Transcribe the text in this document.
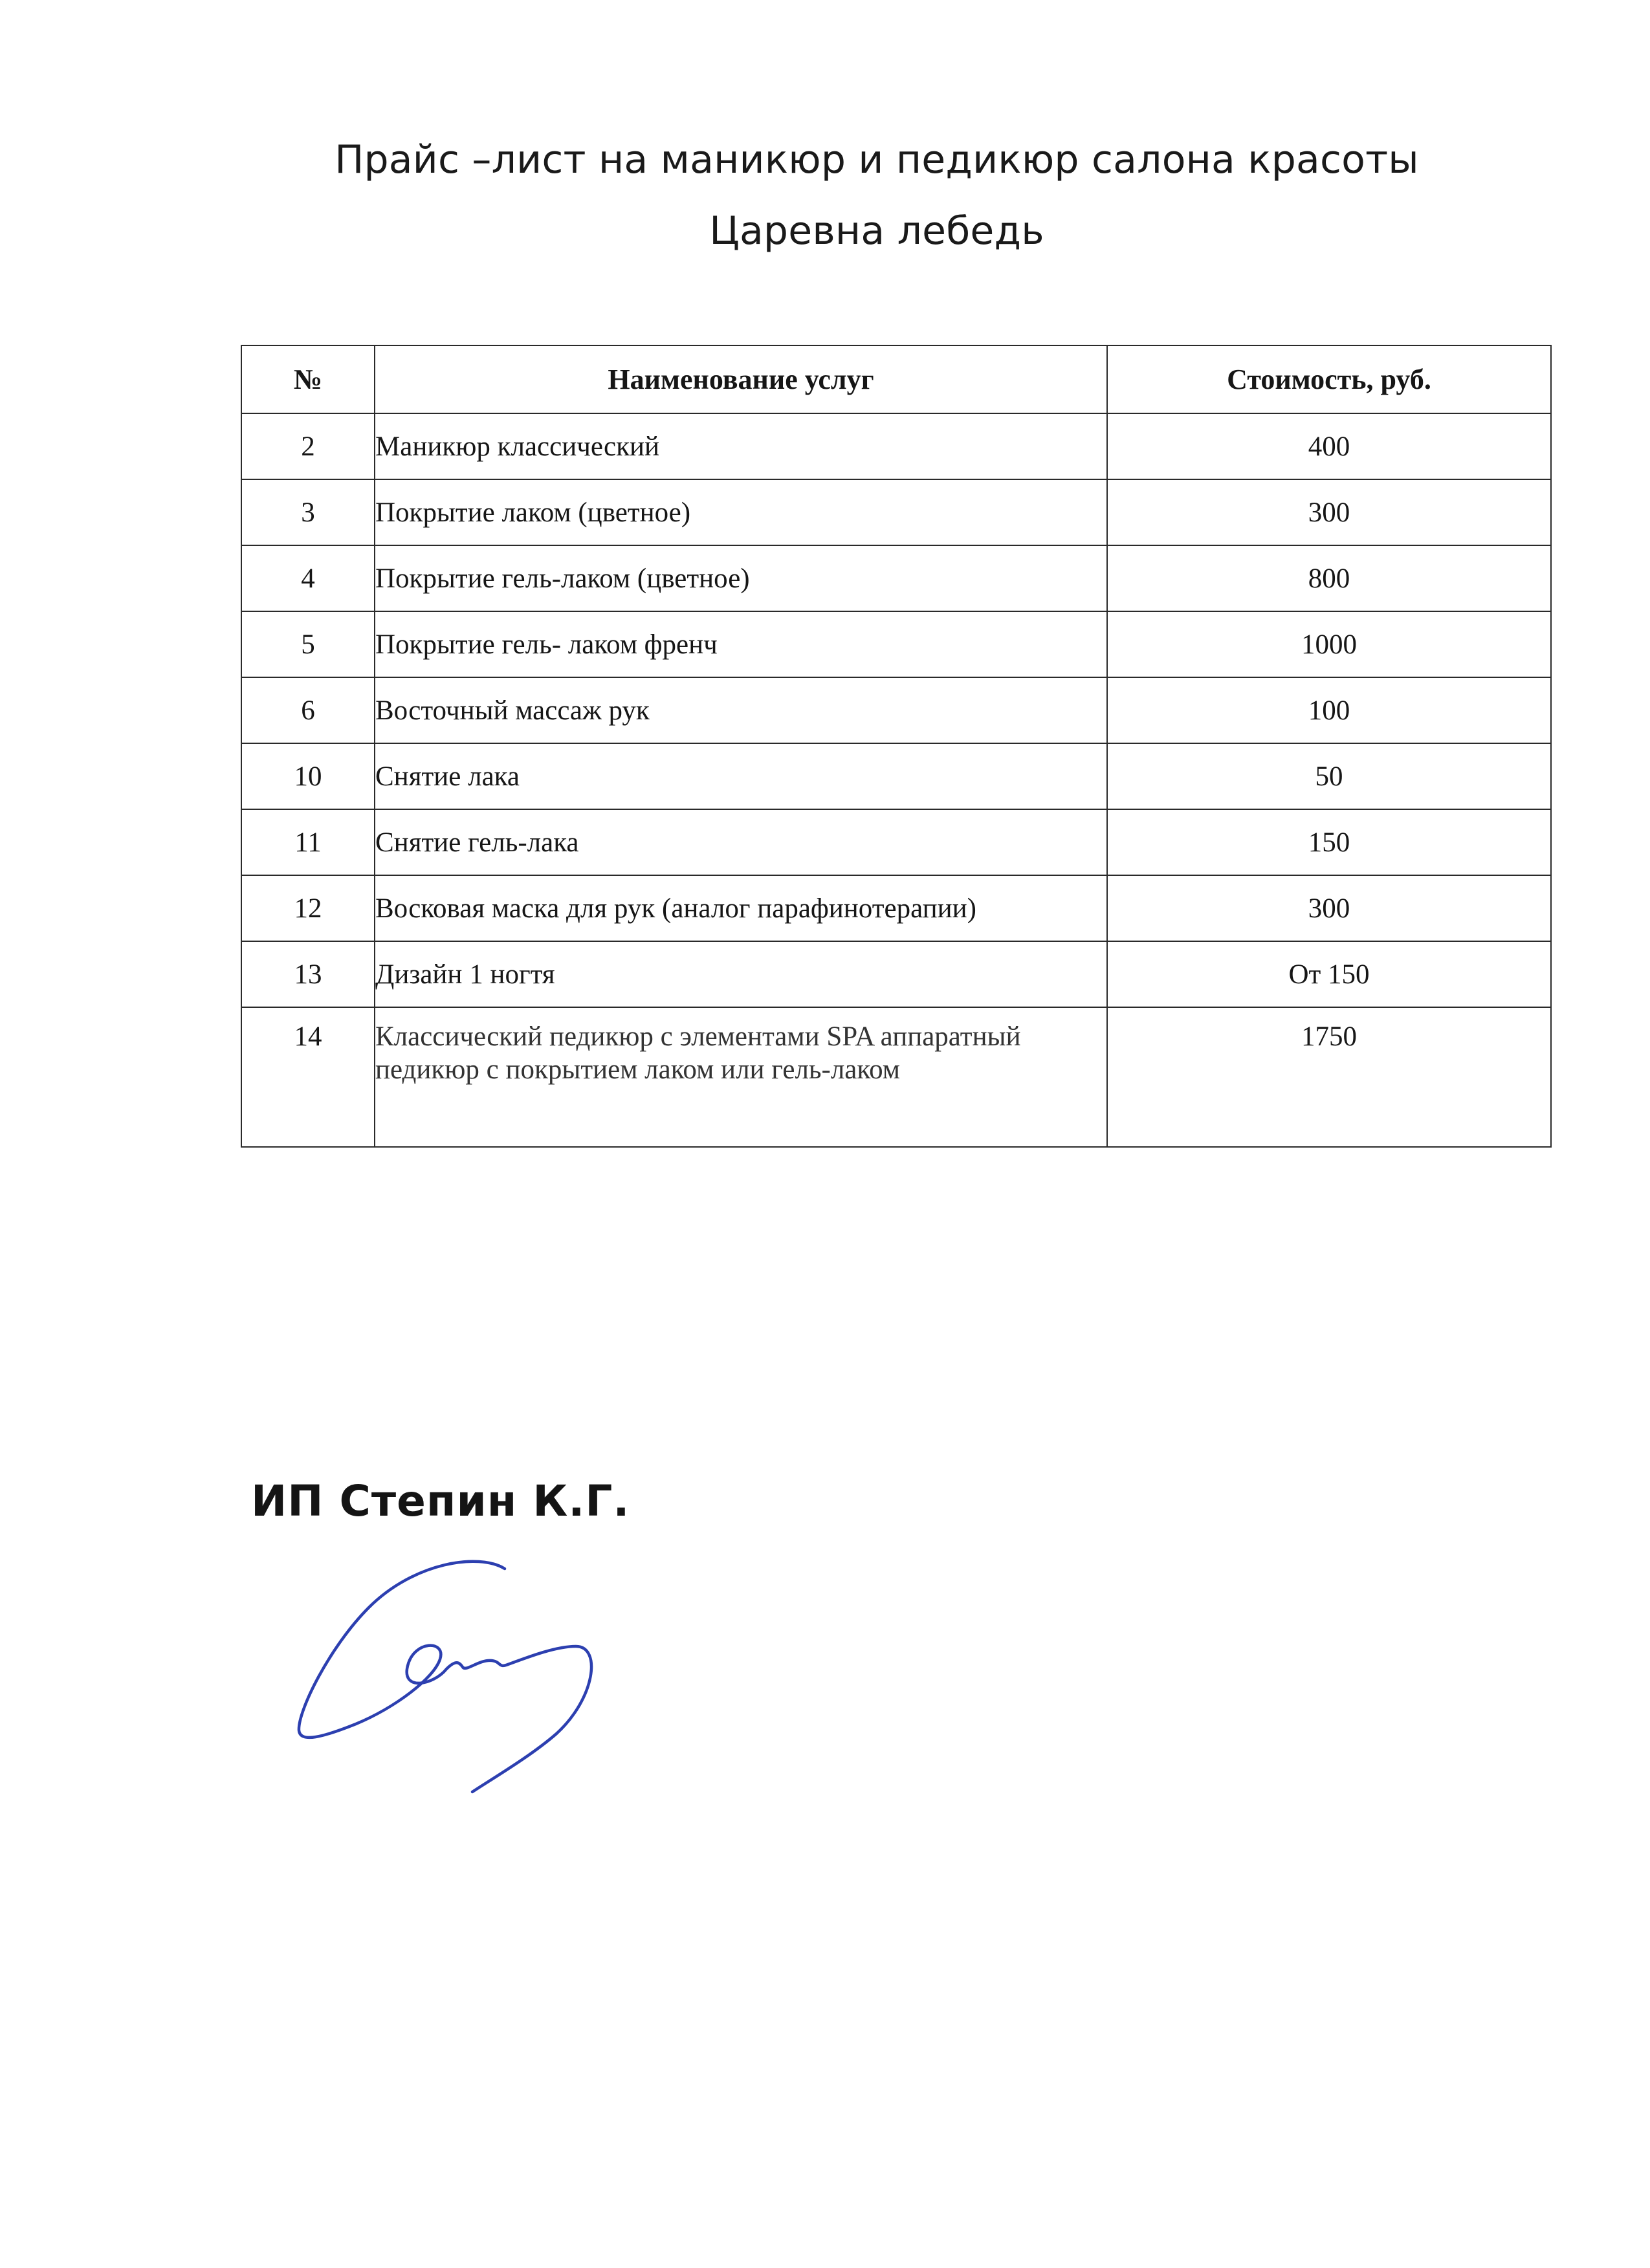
Прайс –лист на маникюр и педикюр салона красоты
Царевна лебедь
№	Наименование услуг	Стоимость, руб.
2	Маникюр классический	400
3	Покрытие лаком (цветное)	300
4	Покрытие гель-лаком (цветное)	800
5	Покрытие гель- лаком френч	1000
6	Восточный массаж рук	100
10	Снятие лака	50
11	Снятие гель-лака	150
12	Восковая маска для рук (аналог парафинотерапии)	300
13	Дизайн 1 ногтя	От 150
14	Классический педикюр с элементами SPA аппаратный педикюр с покрытием лаком или гель-лаком	1750
ИП Степин К.Г.
